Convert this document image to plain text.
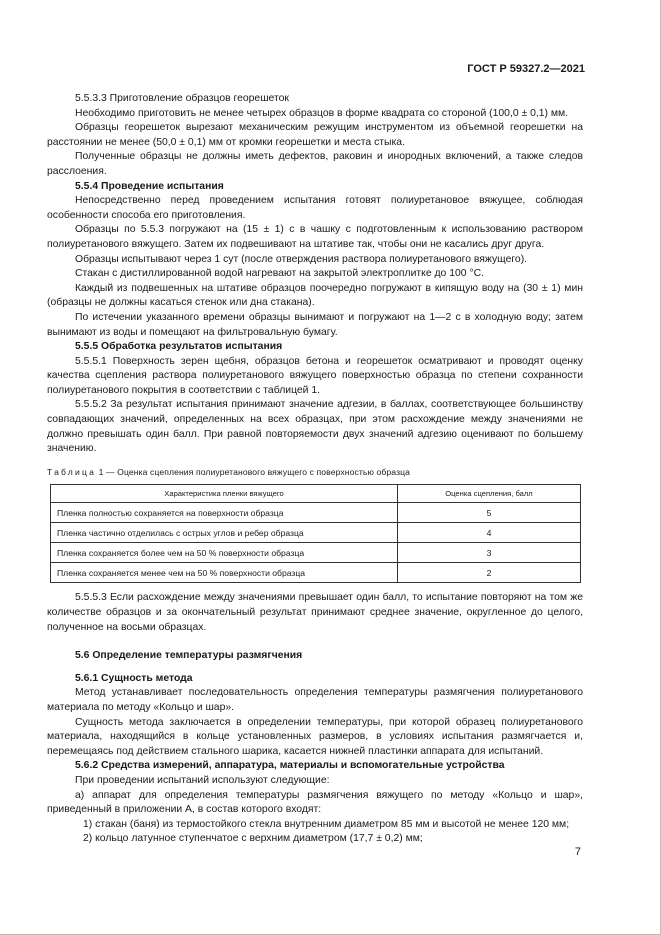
ГОСТ Р 59327.2—2021

5.5.3.3 Приготовление образцов георешеток

Необходимо приготовить не менее четырех образцов в форме квадрата со стороной (100,0 ± 0,1) мм.

Образцы георешеток вырезают механическим режущим инструментом из объемной георешетки на расстоянии не менее (50,0 ± 0,1) мм от кромки георешетки и места стыка.

Полученные образцы не должны иметь дефектов, раковин и инородных включений, а также следов расслоения.

5.5.4 Проведение испытания

Непосредственно перед проведением испытания готовят полиуретановое вяжущее, соблюдая особенности способа его приготовления.

Образцы по 5.5.3 погружают на (15 ± 1) с в чашку с подготовленным к использованию раствором полиуретанового вяжущего. Затем их подвешивают на штативе так, чтобы они не касались друг друга.

Образцы испытывают через 1 сут (после отверждения раствора полиуретанового вяжущего).

Стакан с дистиллированной водой нагревают на закрытой электроплитке до 100 °С.

Каждый из подвешенных на штативе образцов поочередно погружают в кипящую воду на (30 ± 1) мин (образцы не должны касаться стенок или дна стакана).

По истечении указанного времени образцы вынимают и погружают на 1—2 с в холодную воду; затем вынимают из воды и помещают на фильтровальную бумагу.

5.5.5 Обработка результатов испытания

5.5.5.1 Поверхность зерен щебня, образцов бетона и георешеток осматривают и проводят оценку качества сцепления раствора полиуретанового вяжущего поверхностью образца по степени сохранности полиуретанового покрытия в соответствии с таблицей 1.

5.5.5.2 За результат испытания принимают значение адгезии, в баллах, соответствующее большинству совпадающих значений, определенных на всех образцах, при этом расхождение между значениями не должно превышать один балл. При равной повторяемости двух значений адгезию оценивают по большему значению.

Таблица 1 — Оценка сцепления полиуретанового вяжущего с поверхностью образца

Характеристика пленки вяжущего	Оценка сцепления, балл
Пленка полностью сохраняется на поверхности образца	5
Пленка частично отделилась с острых углов и ребер образца	4
Пленка сохраняется более чем на 50 % поверхности образца	3
Пленка сохраняется менее чем на 50 % поверхности образца	2

5.5.5.3 Если расхождение между значениями превышает один балл, то испытание повторяют на том же количестве образцов и за окончательный результат принимают среднее значение, округленное до целого, полученное на восьми образцах.

5.6 Определение температуры размягчения

5.6.1 Сущность метода

Метод устанавливает последовательность определения температуры размягчения полиуретанового материала по методу «Кольцо и шар».

Сущность метода заключается в определении температуры, при которой образец полиуретанового материала, находящийся в кольце установленных размеров, в условиях испытания размягчается и, перемещаясь под действием стального шарика, касается нижней пластинки аппарата для испытаний.

5.6.2 Средства измерений, аппаратура, материалы и вспомогательные устройства

При проведении испытаний используют следующие:

а) аппарат для определения температуры размягчения вяжущего по методу «Кольцо и шар», приведенный в приложении А, в состав которого входят:

1) стакан (баня) из термостойкого стекла внутренним диаметром 85 мм и высотой не менее 120 мм;

2) кольцо латунное ступенчатое с верхним диаметром (17,7 ± 0,2) мм;

7
